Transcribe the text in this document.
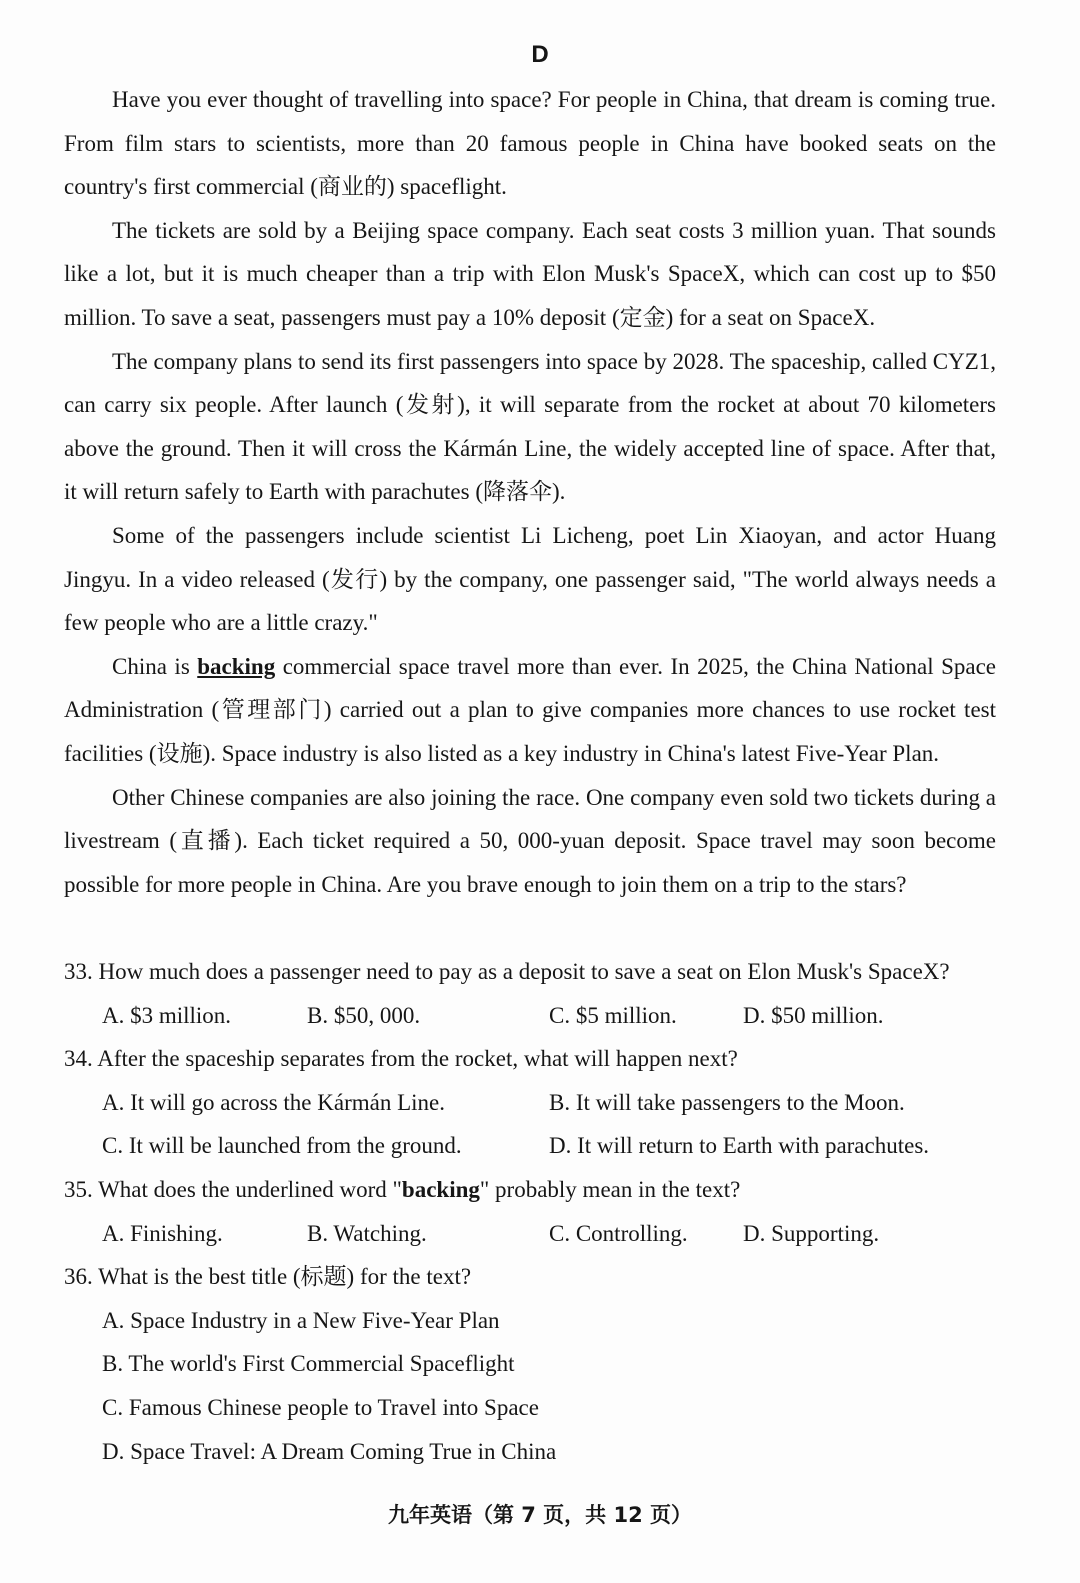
D

Have you ever thought of travelling into space? For people in China, that dream is coming true. From film stars to scientists, more than 20 famous people in China have booked seats on the country's first commercial (商业的) spaceflight.

The tickets are sold by a Beijing space company. Each seat costs 3 million yuan. That sounds like a lot, but it is much cheaper than a trip with Elon Musk's SpaceX, which can cost up to $50 million. To save a seat, passengers must pay a 10% deposit (定金) for a seat on SpaceX.

The company plans to send its first passengers into space by 2028. The spaceship, called CYZ1, can carry six people. After launch (发射), it will separate from the rocket at about 70 kilometers above the ground. Then it will cross the Kármán Line, the widely accepted line of space. After that, it will return safely to Earth with parachutes (降落伞).

Some of the passengers include scientist Li Licheng, poet Lin Xiaoyan, and actor Huang Jingyu. In a video released (发行) by the company, one passenger said, "The world always needs a few people who are a little crazy."

China is backing commercial space travel more than ever. In 2025, the China National Space Administration (管理部门) carried out a plan to give companies more chances to use rocket test facilities (设施). Space industry is also listed as a key industry in China's latest Five-Year Plan.

Other Chinese companies are also joining the race. One company even sold two tickets during a livestream (直播). Each ticket required a 50, 000-yuan deposit. Space travel may soon become possible for more people in China. Are you brave enough to join them on a trip to the stars?

33. How much does a passenger need to pay as a deposit to save a seat on Elon Musk's SpaceX?
A. $3 million.	B. $50, 000.	C. $5 million.	D. $50 million.
34. After the spaceship separates from the rocket, what will happen next?
A. It will go across the Kármán Line.	B. It will take passengers to the Moon.
C. It will be launched from the ground.	D. It will return to Earth with parachutes.
35. What does the underlined word "backing" probably mean in the text?
A. Finishing.	B. Watching.	C. Controlling.	D. Supporting.
36. What is the best title (标题) for the text?
A. Space Industry in a New Five-Year Plan
B. The world's First Commercial Spaceflight
C. Famous Chinese people to Travel into Space
D. Space Travel: A Dream Coming True in China
九年英语（第 7 页，共 12 页）
